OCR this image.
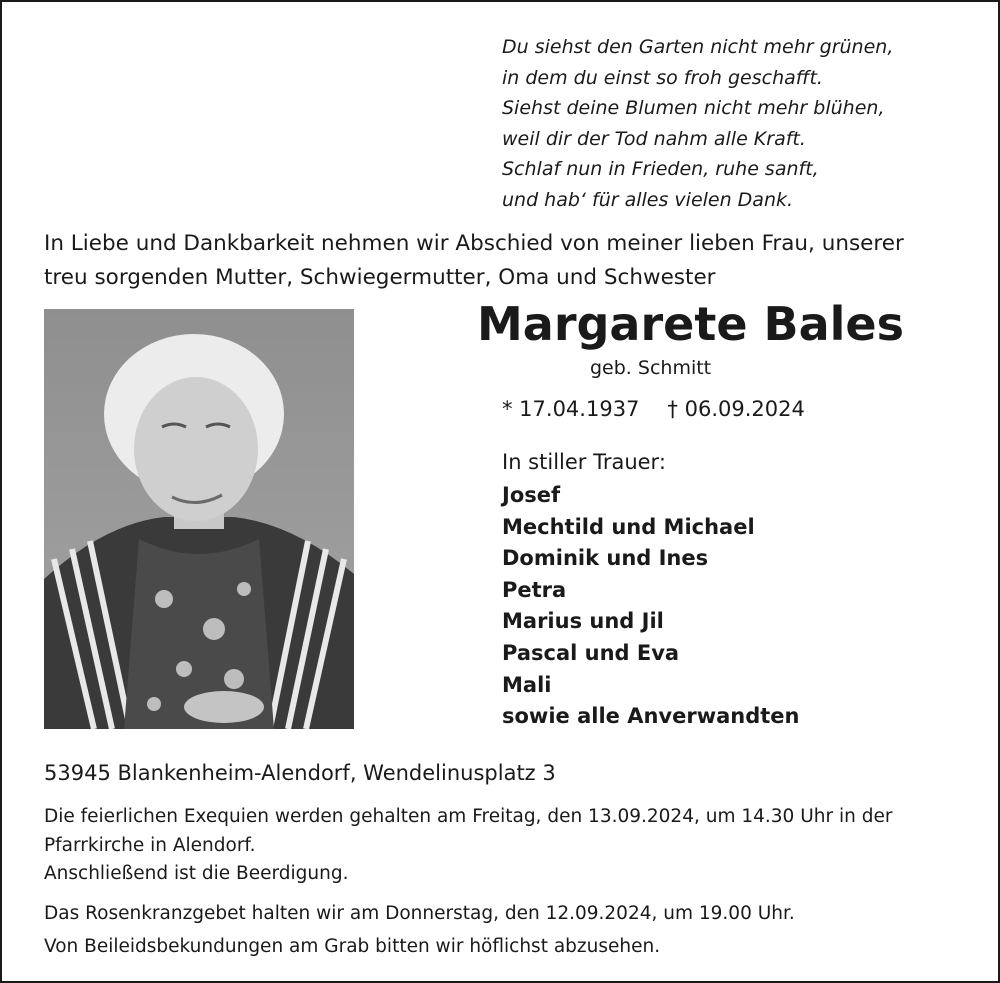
Du siehst den Garten nicht mehr grünen,
in dem du einst so froh geschafft.
Siehst deine Blumen nicht mehr blühen,
weil dir der Tod nahm alle Kraft.
Schlaf nun in Frieden, ruhe sanft,
und hab‘ für alles vielen Dank.
In Liebe und Dankbarkeit nehmen wir Abschied von meiner lieben Frau, unserer
treu sorgenden Mutter, Schwiegermutter, Oma und Schwester
Margarete Bales
geb. Schmitt
* 17.04.1937 † 06.09.2024
In stiller Trauer:
Josef
Mechtild und Michael
Dominik und Ines
Petra
Marius und Jil
Pascal und Eva
Mali
sowie alle Anverwandten
53945 Blankenheim-Alendorf, Wendelinusplatz 3
Die feierlichen Exequien werden gehalten am Freitag, den 13.09.2024, um 14.30 Uhr in der
Pfarrkirche in Alendorf.
Anschließend ist die Beerdigung.
Das Rosenkranzgebet halten wir am Donnerstag, den 12.09.2024, um 19.00 Uhr.
Von Beileidsbekundungen am Grab bitten wir höflichst abzusehen.
